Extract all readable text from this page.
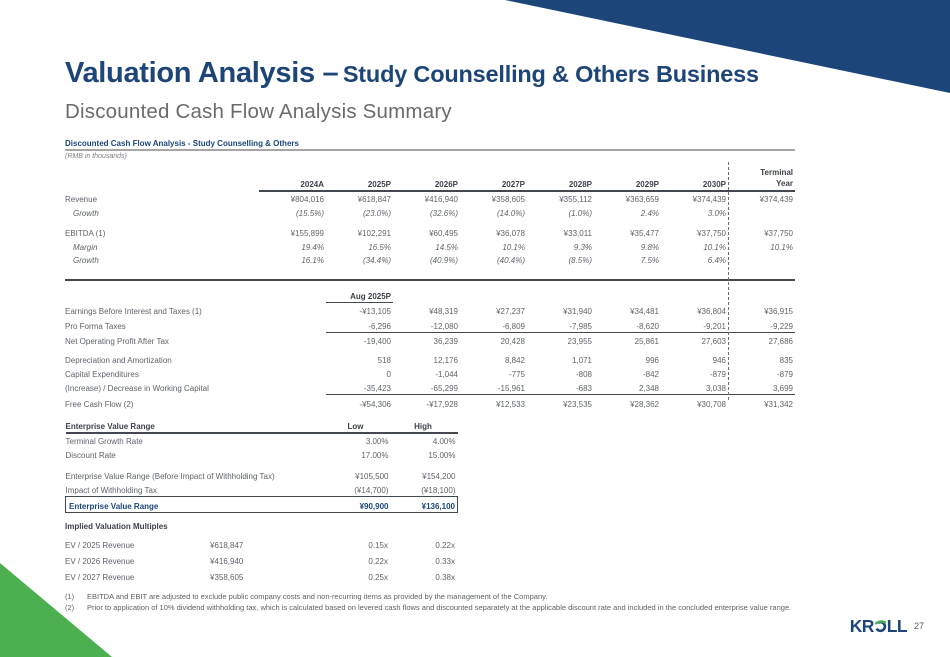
Valuation Analysis – Study Counselling & Others Business
Discounted Cash Flow Analysis Summary
Discounted Cash Flow Analysis - Study Counselling & Others
(RMB in thousands)
	2024A	2025P	2026P	2027P	2028P	2029P	2030P	Terminal
Year

Revenue	¥804,016	¥618,847	¥416,940	¥358,605	¥355,112	¥363,659	¥374,439	¥374,439
Growth	(15.5%)	(23.0%)	(32.6%)	(14.0%)	(1.0%)	2.4%	3.0%	

EBITDA (1)	¥155,899	¥102,291	¥60,495	¥36,078	¥33,011	¥35,477	¥37,750	¥37,750
Margin	19.4%	16.5%	14.5%	10.1%	9.3%	9.8%	10.1%	10.1%
Growth	16.1%	(34.4%)	(40.9%)	(40.4%)	(8.5%)	7.5%	6.4%	

		Aug 2025P						
Earnings Before Interest and Taxes (1)		-¥13,105	¥48,319	¥27,237	¥31,940	¥34,481	¥36,804	¥36,915
Pro Forma Taxes		-6,296	-12,080	-6,809	-7,985	-8,620	-9,201	-9,229
Net Operating Profit After Tax		-19,400	36,239	20,428	23,955	25,861	27,603	27,686

Depreciation and Amortization		518	12,176	8,842	1,071	996	946	835
Capital Expenditures		0	-1,044	-775	-808	-842	-879	-879
(Increase) / Decrease in Working Capital		-35,423	-65,299	-15,961	-683	2,348	3,038	3,699
Free Cash Flow (2)		-¥54,306	-¥17,928	¥12,533	¥23,535	¥28,362	¥30,708	¥31,342
Enterprise Value Range	Low	High
Terminal Growth Rate	3.00%	4.00%
Discount Rate	17.00%	15.00%

Enterprise Value Range (Before Impact of Withholding Tax)	¥105,500	¥154,200
Impact of Withholding Tax	(¥14,700)	(¥18,100)
Enterprise Value Range	¥90,900	¥136,100
Implied Valuation Multiples

EV / 2025 Revenue	¥618,847	0.15x	0.22x
EV / 2026 Revenue	¥416,940	0.22x	0.33x
EV / 2027 Revenue	¥358,605	0.25x	0.38x
(1)	EBITDA and EBIT are adjusted to exclude public company costs and non-recurring items as provided by the management of the Company.
(2)	Prior to application of 10% dividend withholding tax, which is calculated based on levered cash flows and discounted separately at the applicable discount rate and included in the concluded enterprise value range.
KR LL 27
